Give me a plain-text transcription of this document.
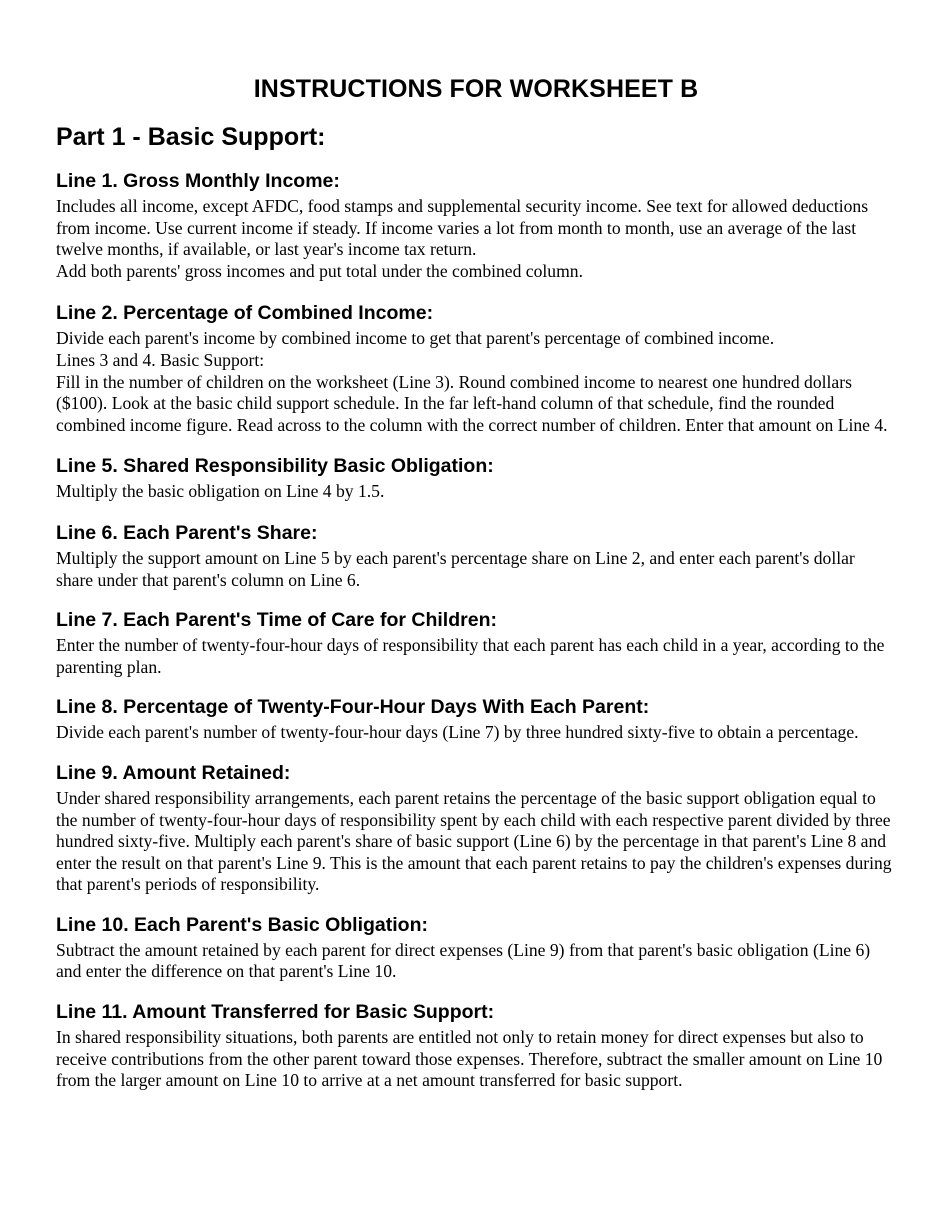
INSTRUCTIONS FOR WORKSHEET B
Part 1 - Basic Support:
Line 1. Gross Monthly Income:

Includes all income, except AFDC, food stamps and supplemental security income. See text for allowed deductions from income. Use current income if steady. If income varies a lot from month to month, use an average of the last twelve months, if available, or last year's income tax return.

Add both parents' gross incomes and put total under the combined column.

Line 2. Percentage of Combined Income:

Divide each parent's income by combined income to get that parent's percentage of combined income.

Lines 3 and 4. Basic Support:

Fill in the number of children on the worksheet (Line 3). Round combined income to nearest one hundred dollars ($100). Look at the basic child support schedule. In the far left-hand column of that schedule, find the rounded combined income figure. Read across to the column with the correct number of children. Enter that amount on Line 4.

Line 5. Shared Responsibility Basic Obligation:

Multiply the basic obligation on Line 4 by 1.5.

Line 6. Each Parent's Share:

Multiply the support amount on Line 5 by each parent's percentage share on Line 2, and enter each parent's dollar share under that parent's column on Line 6.

Line 7. Each Parent's Time of Care for Children:

Enter the number of twenty-four-hour days of responsibility that each parent has each child in a year, according to the parenting plan.

Line 8. Percentage of Twenty-Four-Hour Days With Each Parent:

Divide each parent's number of twenty-four-hour days (Line 7) by three hundred sixty-five to obtain a percentage.

Line 9. Amount Retained:

Under shared responsibility arrangements, each parent retains the percentage of the basic support obligation equal to the number of twenty-four-hour days of responsibility spent by each child with each respective parent divided by three hundred sixty-five. Multiply each parent's share of basic support (Line 6) by the percentage in that parent's Line 8 and enter the result on that parent's Line 9. This is the amount that each parent retains to pay the children's expenses during that parent's periods of responsibility.

Line 10. Each Parent's Basic Obligation:

Subtract the amount retained by each parent for direct expenses (Line 9) from that parent's basic obligation (Line 6) and enter the difference on that parent's Line 10.

Line 11. Amount Transferred for Basic Support:

In shared responsibility situations, both parents are entitled not only to retain money for direct expenses but also to receive contributions from the other parent toward those expenses. Therefore, subtract the smaller amount on Line 10 from the larger amount on Line 10 to arrive at a net amount transferred for basic support.
